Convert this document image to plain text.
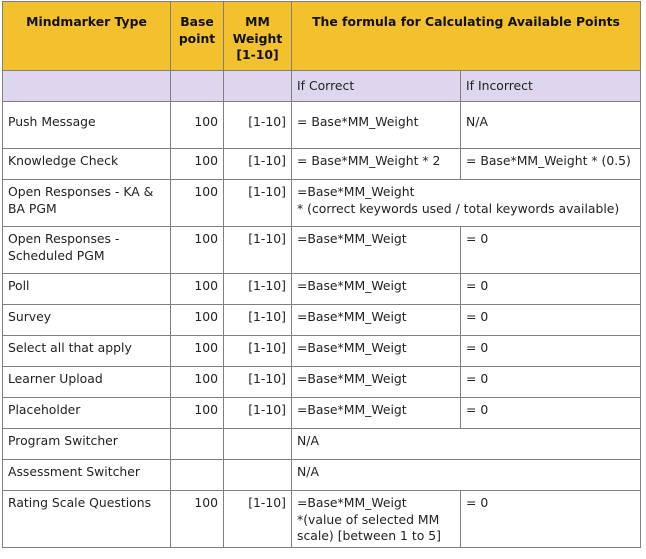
Mindmarker Type	Base point	MM Weight [1-10]	The formula for Calculating Available Points	
			If Correct	If Incorrect
Push Message	100	[1-10]	= Base*MM_Weight	N/A
Knowledge Check	100	[1-10]	= Base*MM_Weight * 2	= Base*MM_Weight * (0.5)
Open Responses - KA & BA PGM	100	[1-10]	=Base*MM_Weight
* (correct keywords used / total keywords available)	
Open Responses - Scheduled PGM	100	[1-10]	=Base*MM_Weigt	= 0
Poll	100	[1-10]	=Base*MM_Weigt	= 0
Survey	100	[1-10]	=Base*MM_Weigt	= 0
Select all that apply	100	[1-10]	=Base*MM_Weigt	= 0
Learner Upload	100	[1-10]	=Base*MM_Weigt	= 0
Placeholder	100	[1-10]	=Base*MM_Weigt	= 0
Program Switcher			N/A	
Assessment Switcher			N/A	
Rating Scale Questions	100	[1-10]	=Base*MM_Weigt
*(value of selected MM scale) [between 1 to 5]	= 0
